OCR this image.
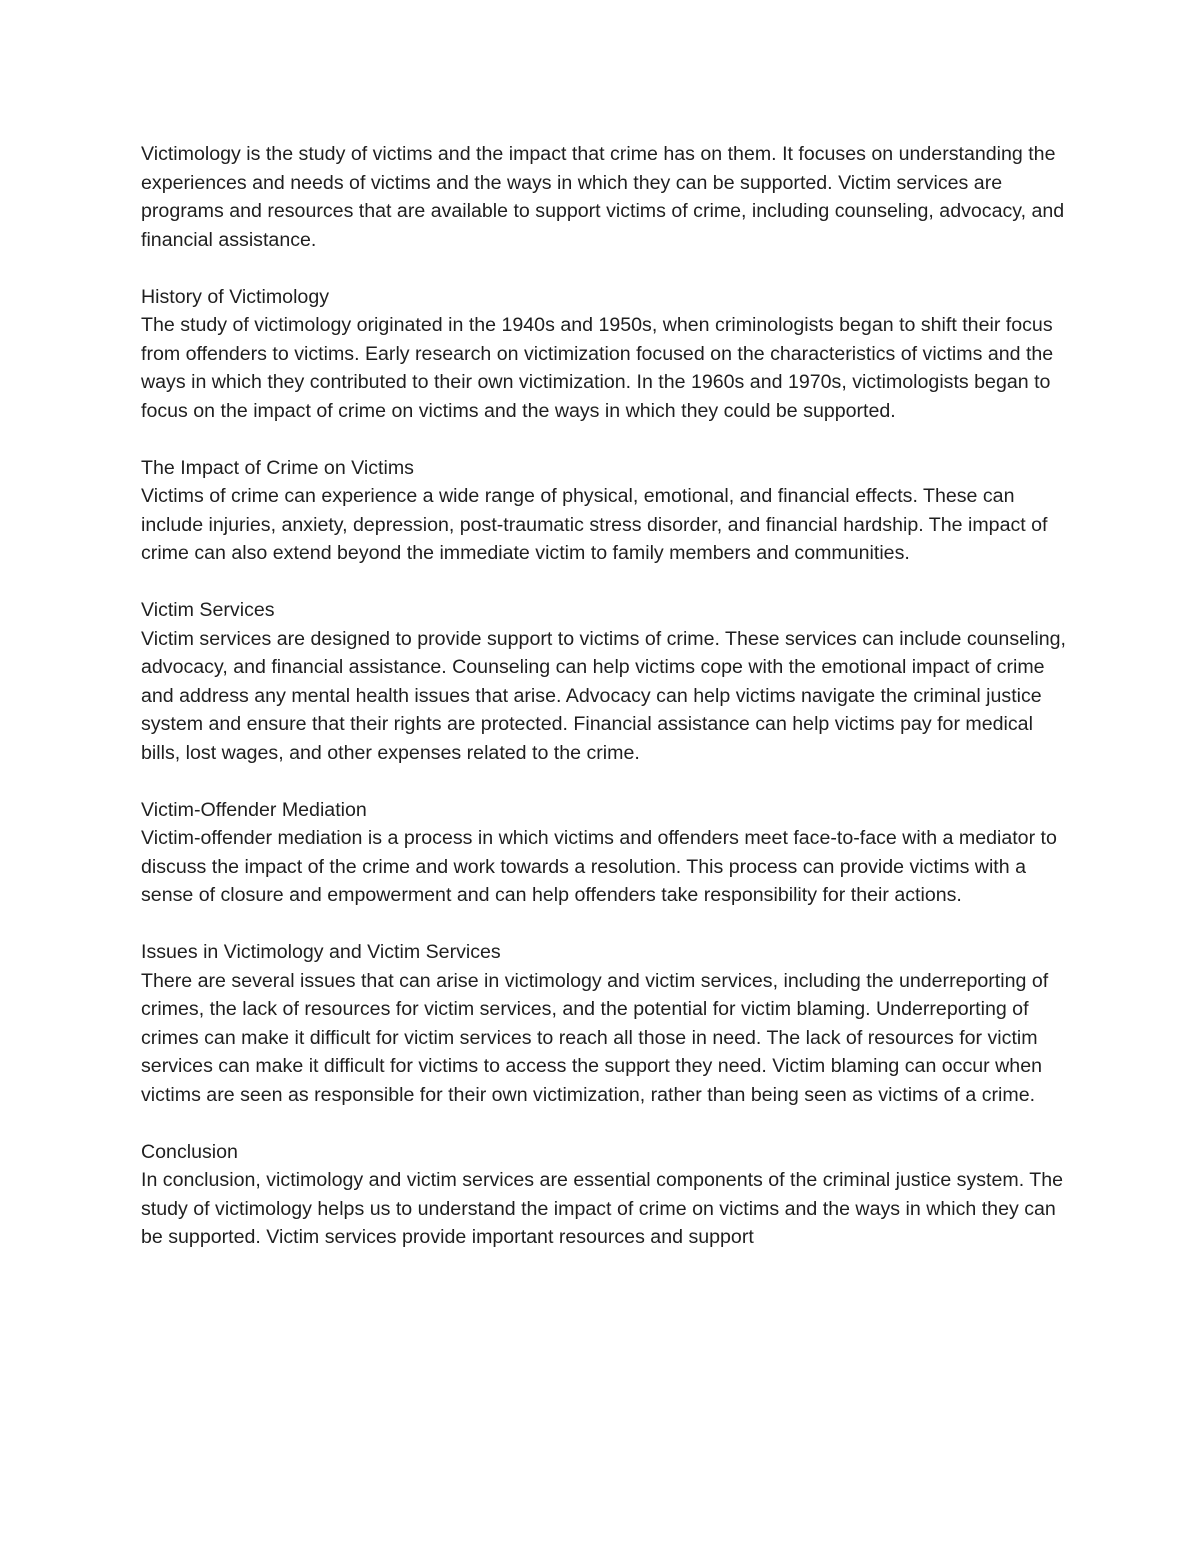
Victimology is the study of victims and the impact that crime has on them. It focuses on understanding the experiences and needs of victims and the ways in which they can be supported. Victim services are programs and resources that are available to support victims of crime, including counseling, advocacy, and financial assistance.

History of Victimology

The study of victimology originated in the 1940s and 1950s, when criminologists began to shift their focus from offenders to victims. Early research on victimization focused on the characteristics of victims and the ways in which they contributed to their own victimization. In the 1960s and 1970s, victimologists began to focus on the impact of crime on victims and the ways in which they could be supported.

The Impact of Crime on Victims

Victims of crime can experience a wide range of physical, emotional, and financial effects. These can include injuries, anxiety, depression, post-traumatic stress disorder, and financial hardship. The impact of crime can also extend beyond the immediate victim to family members and communities.

Victim Services

Victim services are designed to provide support to victims of crime. These services can include counseling, advocacy, and financial assistance. Counseling can help victims cope with the emotional impact of crime and address any mental health issues that arise. Advocacy can help victims navigate the criminal justice system and ensure that their rights are protected. Financial assistance can help victims pay for medical bills, lost wages, and other expenses related to the crime.

Victim-Offender Mediation

Victim-offender mediation is a process in which victims and offenders meet face-to-face with a mediator to discuss the impact of the crime and work towards a resolution. This process can provide victims with a sense of closure and empowerment and can help offenders take responsibility for their actions.

Issues in Victimology and Victim Services

There are several issues that can arise in victimology and victim services, including the underreporting of crimes, the lack of resources for victim services, and the potential for victim blaming. Underreporting of crimes can make it difficult for victim services to reach all those in need. The lack of resources for victim services can make it difficult for victims to access the support they need. Victim blaming can occur when victims are seen as responsible for their own victimization, rather than being seen as victims of a crime.

Conclusion

In conclusion, victimology and victim services are essential components of the criminal justice system. The study of victimology helps us to understand the impact of crime on victims and the ways in which they can be supported. Victim services provide important resources and support
